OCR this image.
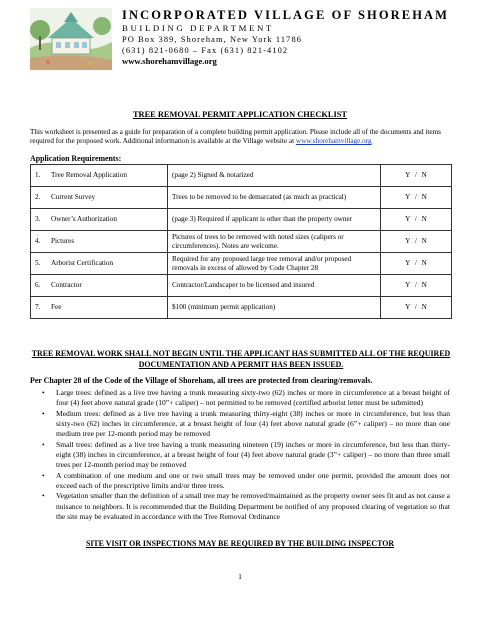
INCORPORATED VILLAGE OF SHOREHAM
BUILDING DEPARTMENT
PO Box 389, Shoreham, New York 11786
(631) 821-0680 – Fax (631) 821-4102
www.shorehamvillage.org
TREE REMOVAL PERMIT APPLICATION CHECKLIST
This worksheet is presented as a guide for preparation of a complete building permit application. Please include all of the documents and items required for the proposed work. Additional information is available at the Village website at www.shorehamvillage.org
Application Requirements:
1. Tree Removal Application	(page 2) Signed & notarized	Y / N
2. Current Survey	Trees to be removed to be demarcated (as much as practical)	Y / N
3. Owner’s Authorization	(page 3) Required if applicant is other than the property owner	Y / N
4. Pictures	Pictures of trees to be removed with noted sizes (calipers or circumferences). Notes are welcome.	Y / N
5. Arborist Certification	Required for any proposed large tree removal and/or proposed removals in excess of allowed by Code Chapter 28	Y / N
6. Contractor	Contractor/Landscaper to be licensed and insured	Y / N
7. Fee	$100 (minimum permit application)	Y / N
TREE REMOVAL WORK SHALL NOT BEGIN UNTIL THE APPLICANT HAS SUBMITTED ALL OF THE REQUIRED DOCUMENTATION AND A PERMIT HAS BEEN ISSUED.
Per Chapter 28 of the Code of the Village of Shoreham, all trees are protected from clearing/removals.
• Large trees: defined as a live tree having a trunk measuring sixty-two (62) inches or more in circumference at a breast height of four (4) feet above natural grade (10”+ caliper) – not permitted to be removed (certified arborist letter must be submitted)
• Medium trees: defined as a live tree having a trunk measuring thirty-eight (38) inches or more in circumference, but less than sixty-two (62) inches in circumference, at a breast height of four (4) feet above natural grade (6”+ caliper) – no more than one medium tree per 12-month period may be removed
• Small trees: defined as a live tree having a trunk measuring nineteen (19) inches or more in circumference, but less than thirty-eight (38) inches in circumference, at a breast height of four (4) feet above natural grade (3”+ caliper) – no more than three small trees per 12-month period may be removed
• A combination of one medium and one or two small trees may be removed under one permit, provided the amount does not exceed each of the prescriptive limits and/or three trees.
• Vegetation smaller than the definition of a small tree may be removed/maintained as the property owner sees fit and as not cause a nuisance to neighbors. It is recommended that the Building Department be notified of any proposed clearing of vegetation so that the site may be evaluated in accordance with the Tree Removal Ordinance
SITE VISIT OR INSPECTIONS MAY BE REQUIRED BY THE BUILDING INSPECTOR
1
